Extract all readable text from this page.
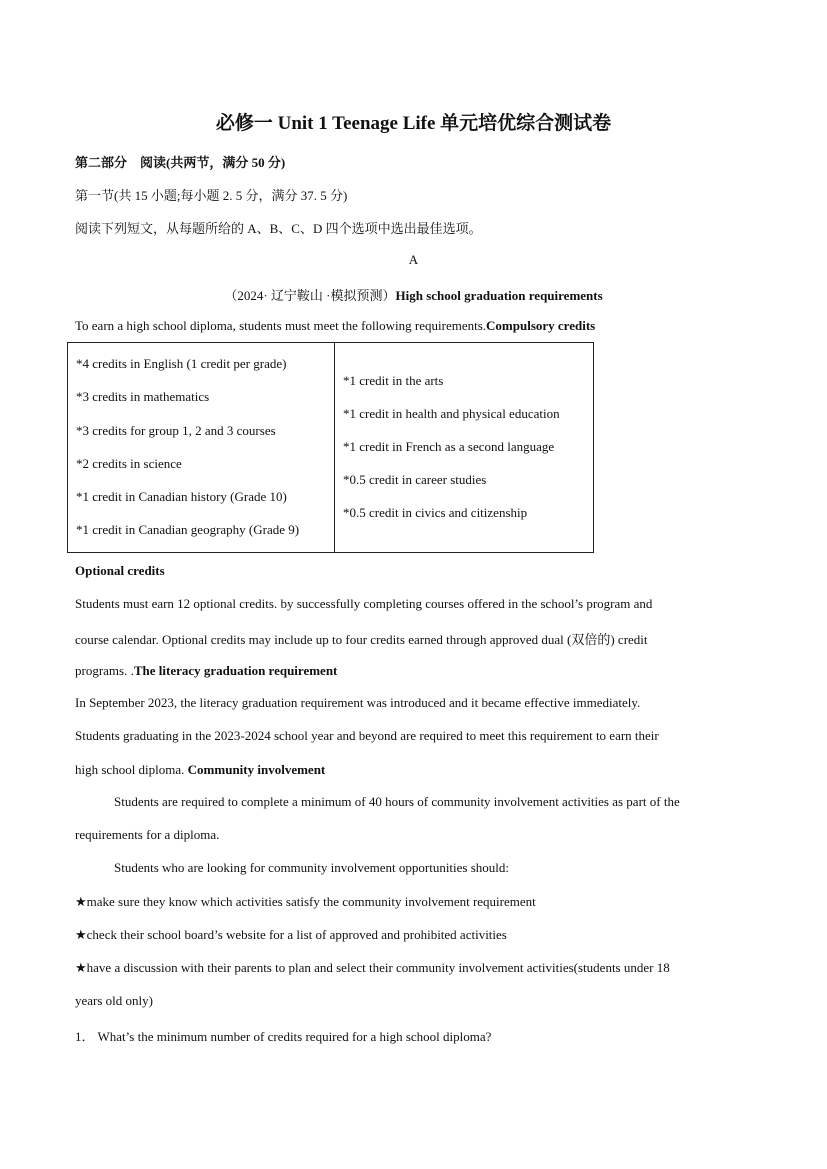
必修一 Unit 1 Teenage Life 单元培优综合测试卷
第二部分　阅读(共两节，满分 50 分)
第一节(共 15 小题;每小题 2. 5 分，满分 37. 5 分)
阅读下列短文，从每题所给的 A、B、C、D 四个选项中选出最佳选项。
A
（2024· 辽宁鞍山 ·模拟预测）High school graduation requirements
To earn a high school diploma, students must meet the following requirements.Compulsory credits
*4 credits in English (1 credit per grade)
*3 credits in mathematics
*3 credits for group 1, 2 and 3 courses
*2 credits in science
*1 credit in Canadian history (Grade 10)
*1 credit in Canadian geography (Grade 9)
*1 credit in the arts
*1 credit in health and physical education
*1 credit in French as a second language
*0.5 credit in career studies
*0.5 credit in civics and citizenship
Optional credits
Students must earn 12 optional credits. by successfully completing courses offered in the school’s program and
course calendar. Optional credits may include up to four credits earned through approved dual (双倍的) credit
programs. .The literacy graduation requirement
In September 2023, the literacy graduation requirement was introduced and it became effective immediately.
Students graduating in the 2023-2024 school year and beyond are required to meet this requirement to earn their
high school diploma. Community involvement
Students are required to complete a minimum of 40 hours of community involvement activities as part of the
requirements for a diploma.
Students who are looking for community involvement opportunities should:
★make sure they know which activities satisfy the community involvement requirement
★check their school board’s website for a list of approved and prohibited activities
★have a discussion with their parents to plan and select their community involvement activities(students under 18
years old only)
1． What’s the minimum number of credits required for a high school diploma?
